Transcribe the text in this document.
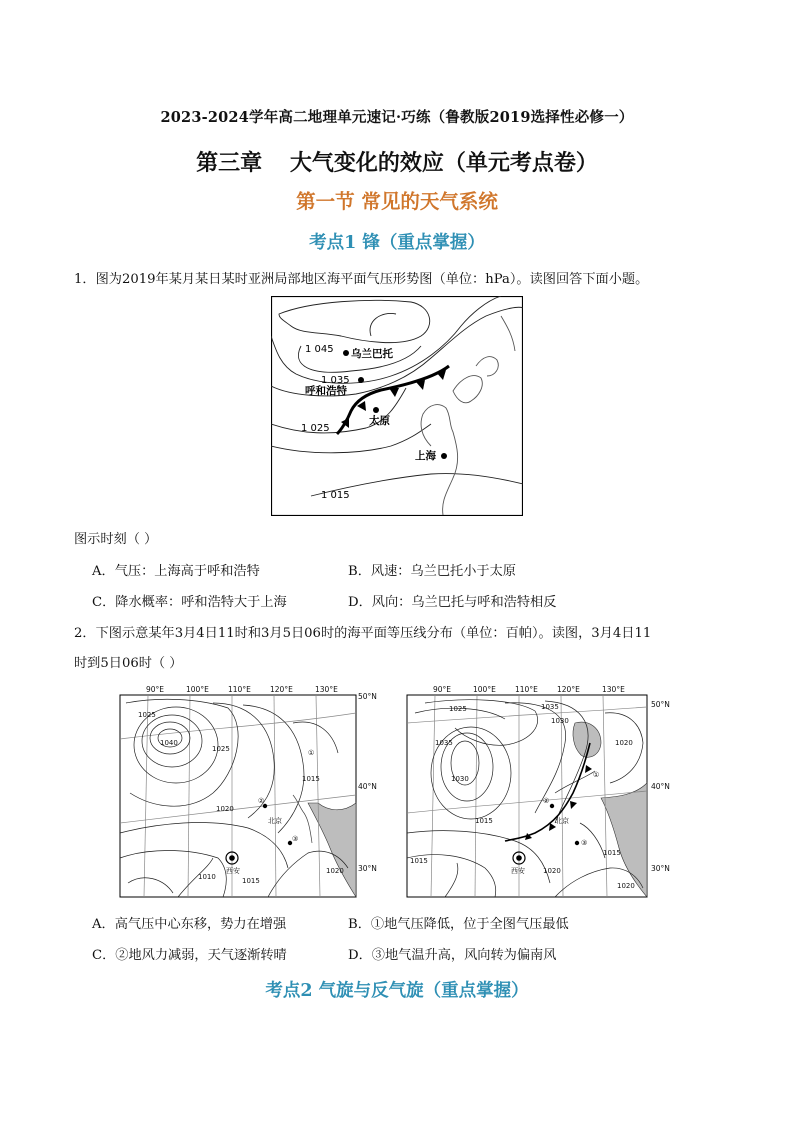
2023-2024学年高二地理单元速记·巧练（鲁教版2019选择性必修一）
第三章 大气变化的效应（单元考点卷）
第一节 常见的天气系统
考点1 锋（重点掌握）
1．图为2019年某月某日某时亚洲局部地区海平面气压形势图（单位：hPa）。读图回答下面小题。
1 045
1 035
1 025
1 015
乌兰巴托
呼和浩特
太原
上海
图示时刻（ ）
A．气压：上海高于呼和浩特	B．风速：乌兰巴托小于太原
C．降水概率：呼和浩特大于上海	D．风向：乌兰巴托与呼和浩特相反
2．下图示意某年3月4日11时和3月5日06时的海平面等压线分布（单位：百帕）。读图，3月4日11
时到5日06时（ ）
90°E	100°E	110°E	120°E	130°E
50°N
40°N
30°N
1040
1025
1025
1015
1020
1010	1015
1020
北京
西安
①
②
③
90°E	100°E	110°E	120°E	130°E
50°N
40°N
30°N
1025
1035
1030
1035
1030
1020
1015
1015
1020
1015
1020
北京
西安
①
②
③
A．高气压中心东移，势力在增强	B．①地气压降低，位于全图气压最低
C．②地风力减弱，天气逐渐转晴	D．③地气温升高，风向转为偏南风
考点2 气旋与反气旋（重点掌握）
